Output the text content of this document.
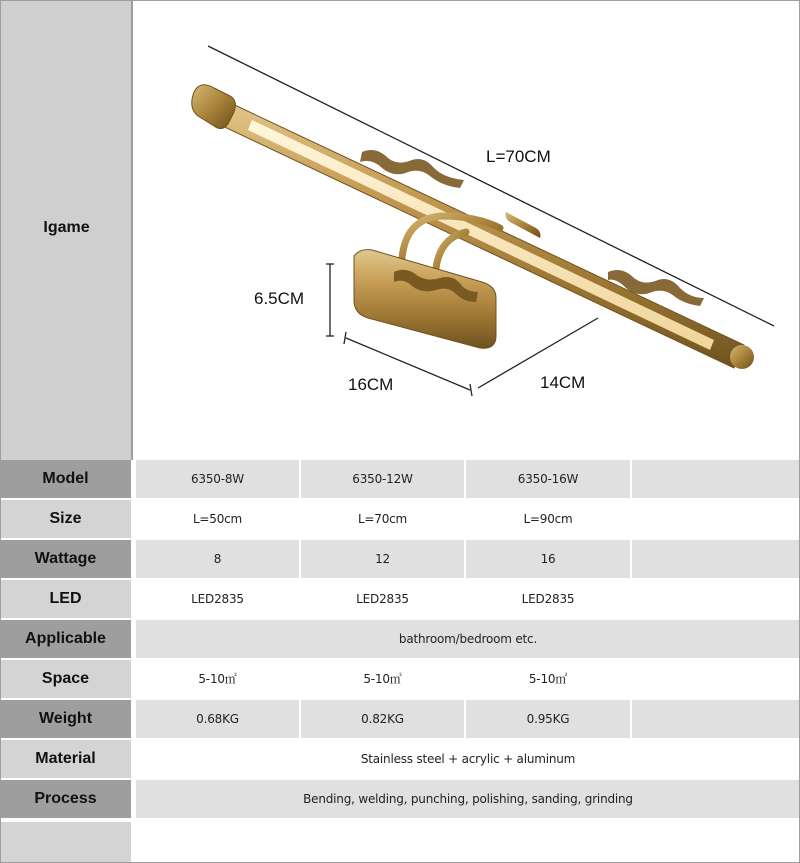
Igame
L=70CM
6.5CM
16CM	14CM
Model	6350-8W	6350-12W	6350-16W
Size	L=50cm	L=70cm	L=90cm
Wattage	8	12	16
LED	LED2835	LED2835	LED2835
Applicable	bathroom/bedroom etc.
Space	5-10㎡	5-10㎡	5-10㎡
Weight	0.68KG	0.82KG	0.95KG
Material	Stainless steel + acrylic + aluminum
Process	Bending, welding, punching, polishing, sanding, grinding
